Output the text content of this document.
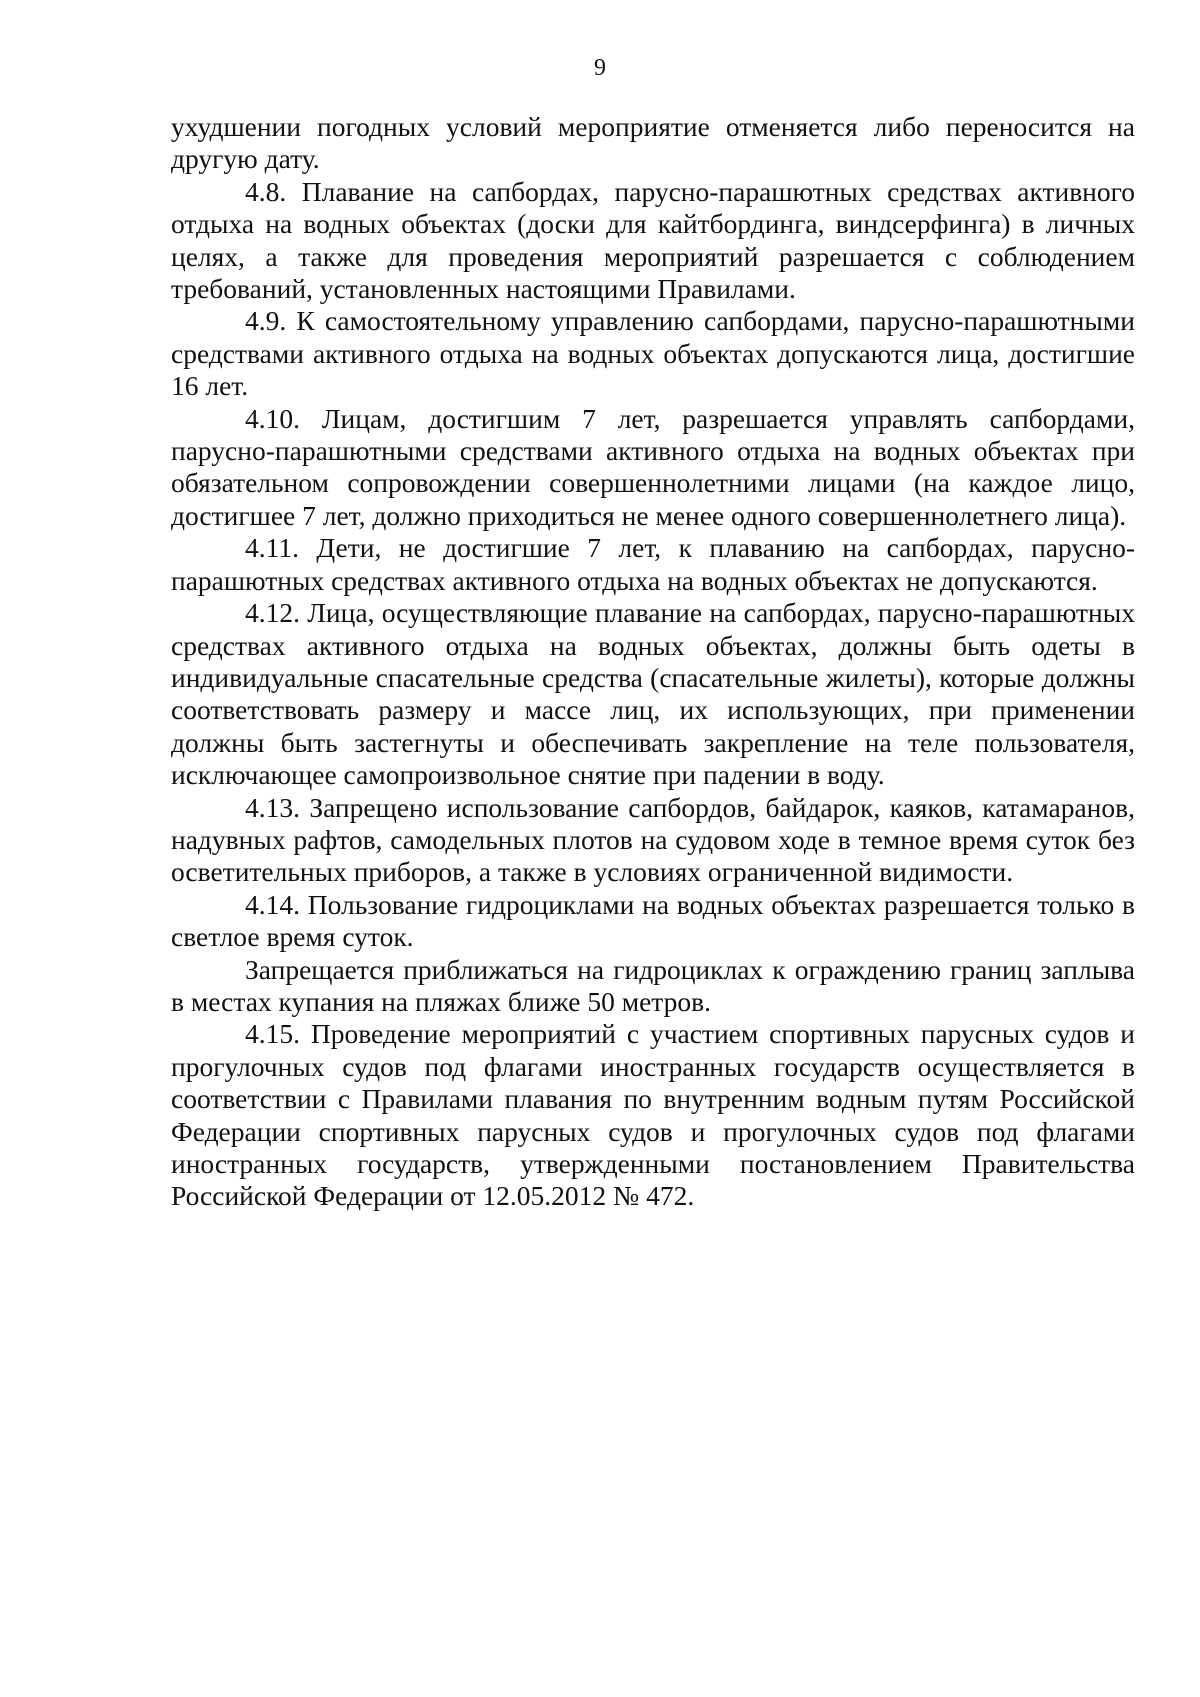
9

ухудшении погодных условий мероприятие отменяется либо переносится на другую дату.

4.8. Плавание на сапбордах, парусно-парашютных средствах активного отдыха на водных объектах (доски для кайтбординга, виндсерфинга) в личных целях, а также для проведения мероприятий разрешается с соблюдением требований, установленных настоящими Правилами.

4.9. К самостоятельному управлению сапбордами, парусно-парашютными средствами активного отдыха на водных объектах допускаются лица, достигшие 16 лет.

4.10. Лицам, достигшим 7 лет, разрешается управлять сапбордами, парусно-парашютными средствами активного отдыха на водных объектах при обязательном сопровождении совершеннолетними лицами (на каждое лицо, достигшее 7 лет, должно приходиться не менее одного совершеннолетнего лица).

4.11. Дети, не достигшие 7 лет, к плаванию на сапбордах, парусно-парашютных средствах активного отдыха на водных объектах не допускаются.

4.12. Лица, осуществляющие плавание на сапбордах, парусно-парашютных средствах активного отдыха на водных объектах, должны быть одеты в индивидуальные спасательные средства (спасательные жилеты), которые должны соответствовать размеру и массе лиц, их использующих, при применении должны быть застегнуты и обеспечивать закрепление на теле пользователя, исключающее самопроизвольное снятие при падении в воду.

4.13. Запрещено использование сапбордов, байдарок, каяков, катамаранов, надувных рафтов, самодельных плотов на судовом ходе в темное время суток без осветительных приборов, а также в условиях ограниченной видимости.

4.14. Пользование гидроциклами на водных объектах разрешается только в светлое время суток.

Запрещается приближаться на гидроциклах к ограждению границ заплыва в местах купания на пляжах ближе 50 метров.

4.15. Проведение мероприятий с участием спортивных парусных судов и прогулочных судов под флагами иностранных государств осуществляется в соответствии с Правилами плавания по внутренним водным путям Российской Федерации спортивных парусных судов и прогулочных судов под флагами иностранных государств, утвержденными постановлением Правительства Российской Федерации от 12.05.2012 № 472.
